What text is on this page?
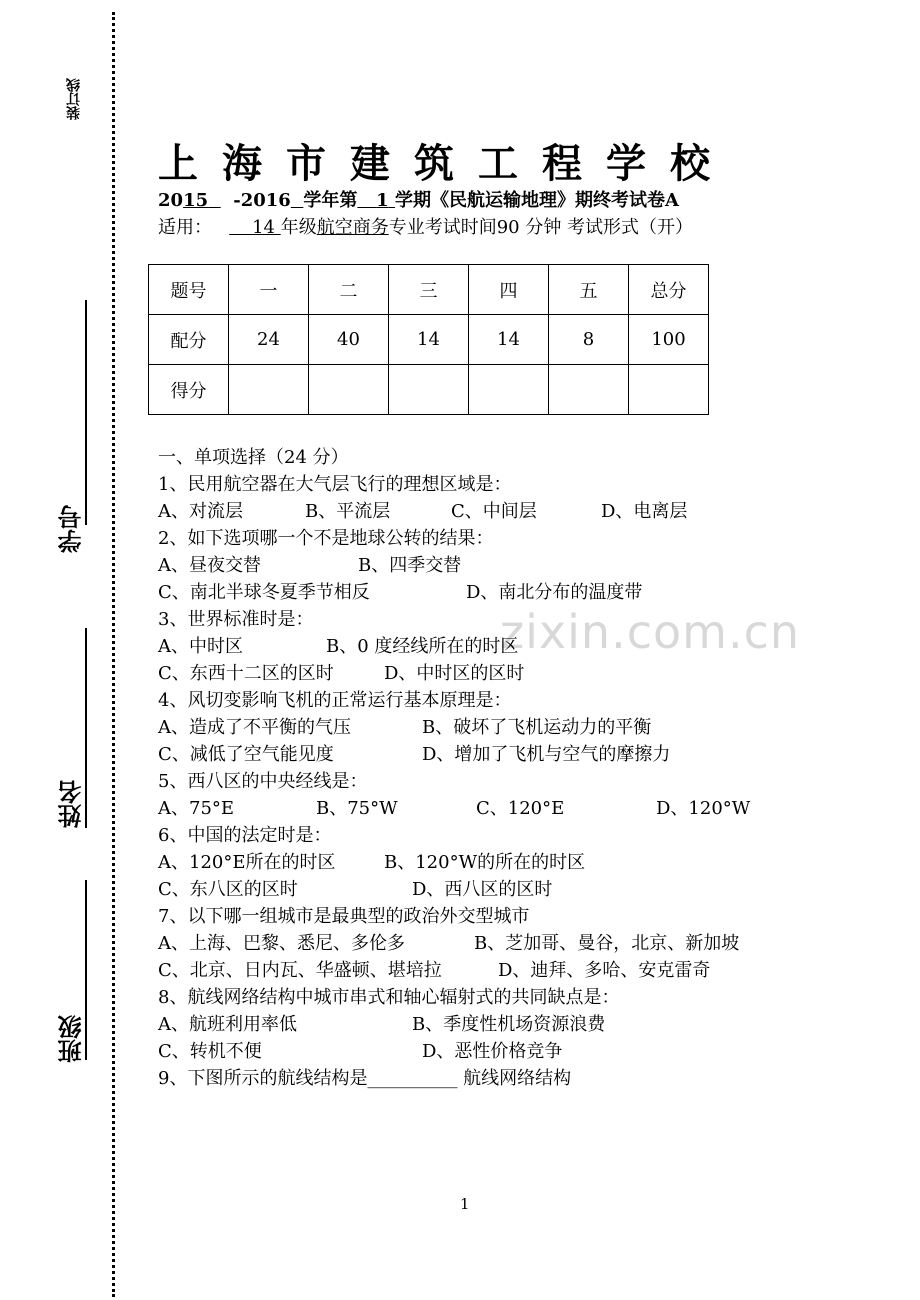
装订线
学号
姓名
班级
上海市建筑工程学校
2015 -2016 学年第 1 学期《民航运输地理》期终考试卷A
适用： 14 年级航空商务专业考试时间90 分钟 考试形式（开）
题号	一	二	三	四	五	总分
配分	24	40	14	14	8	100
得分						
zixin.com.cn
一、单项选择（24 分）
1、民用航空器在大气层飞行的理想区域是：
A、对流层	B、平流层	C、中间层	D、电离层
2、如下选项哪一个不是地球公转的结果：
A、昼夜交替	B、四季交替
C、南北半球冬夏季节相反	D、南北分布的温度带
3、世界标准时是：
A、中时区	B、0 度经线所在的时区
C、东西十二区的区时	D、中时区的区时
4、风切变影响飞机的正常运行基本原理是：
A、造成了不平衡的气压	B、破坏了飞机运动力的平衡
C、减低了空气能见度	D、增加了飞机与空气的摩擦力
5、西八区的中央经线是：
A、75°E	B、75°W	C、120°E	D、120°W
6、中国的法定时是：
A、120°E所在的时区	B、120°W的所在的时区
C、东八区的区时	D、西八区的区时
7、以下哪一组城市是最典型的政治外交型城市
A、上海、巴黎、悉尼、多伦多	B、芝加哥、曼谷，北京、新加坡
C、北京、日内瓦、华盛顿、堪培拉	D、迪拜、多哈、安克雷奇
8、航线网络结构中城市串式和轴心辐射式的共同缺点是：
A、航班利用率低	B、季度性机场资源浪费
C、转机不便	D、恶性价格竞争
9、下图所示的航线结构是__________ 航线网络结构
1
